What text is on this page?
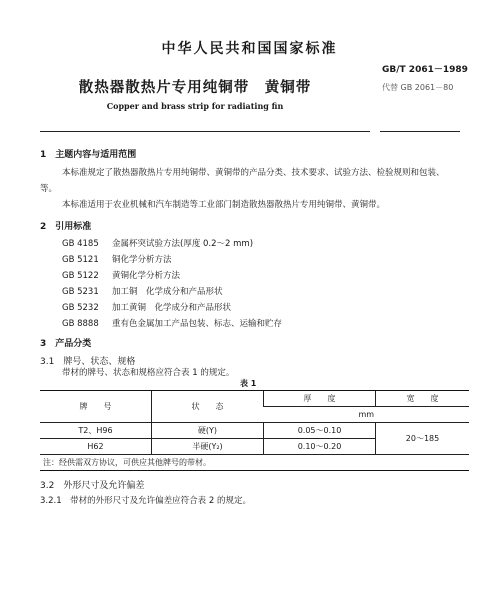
中华人民共和国国家标准
GB/T 2061－1989
代替 GB 2061－80
散热器散热片专用纯铜带　黄铜带
Copper and brass strip for radiating fin
1　主题内容与适用范围
本标准规定了散热器散热片专用纯铜带、黄铜带的产品分类、技术要求、试验方法、检验规则和包装、
等。
本标准适用于农业机械和汽车制造等工业部门制造散热器散热片专用纯铜带、黄铜带。
2　引用标准
GB 4185 金属杯突试验方法(厚度 0.2～2 mm)
GB 5121 铜化学分析方法
GB 5122 黄铜化学分析方法
GB 5231 加工铜　化学成分和产品形状
GB 5232 加工黄铜　化学成分和产品形状
GB 8888 重有色金属加工产品包装、标志、运输和贮存
3　产品分类
3.1　牌号、状态、规格
带材的牌号、状态和规格应符合表 1 的规定。
表 1
牌　　号	状　　态	厚　　度	宽　　度
		mm	
T2、H96	硬(Y)	0.05～0.10	20～185
H62	半硬(Y₂)	0.10～0.20	
注：经供需双方协议，可供应其他牌号的带材。			
3.2　外形尺寸及允许偏差
3.2.1　带材的外形尺寸及允许偏差应符合表 2 的规定。
